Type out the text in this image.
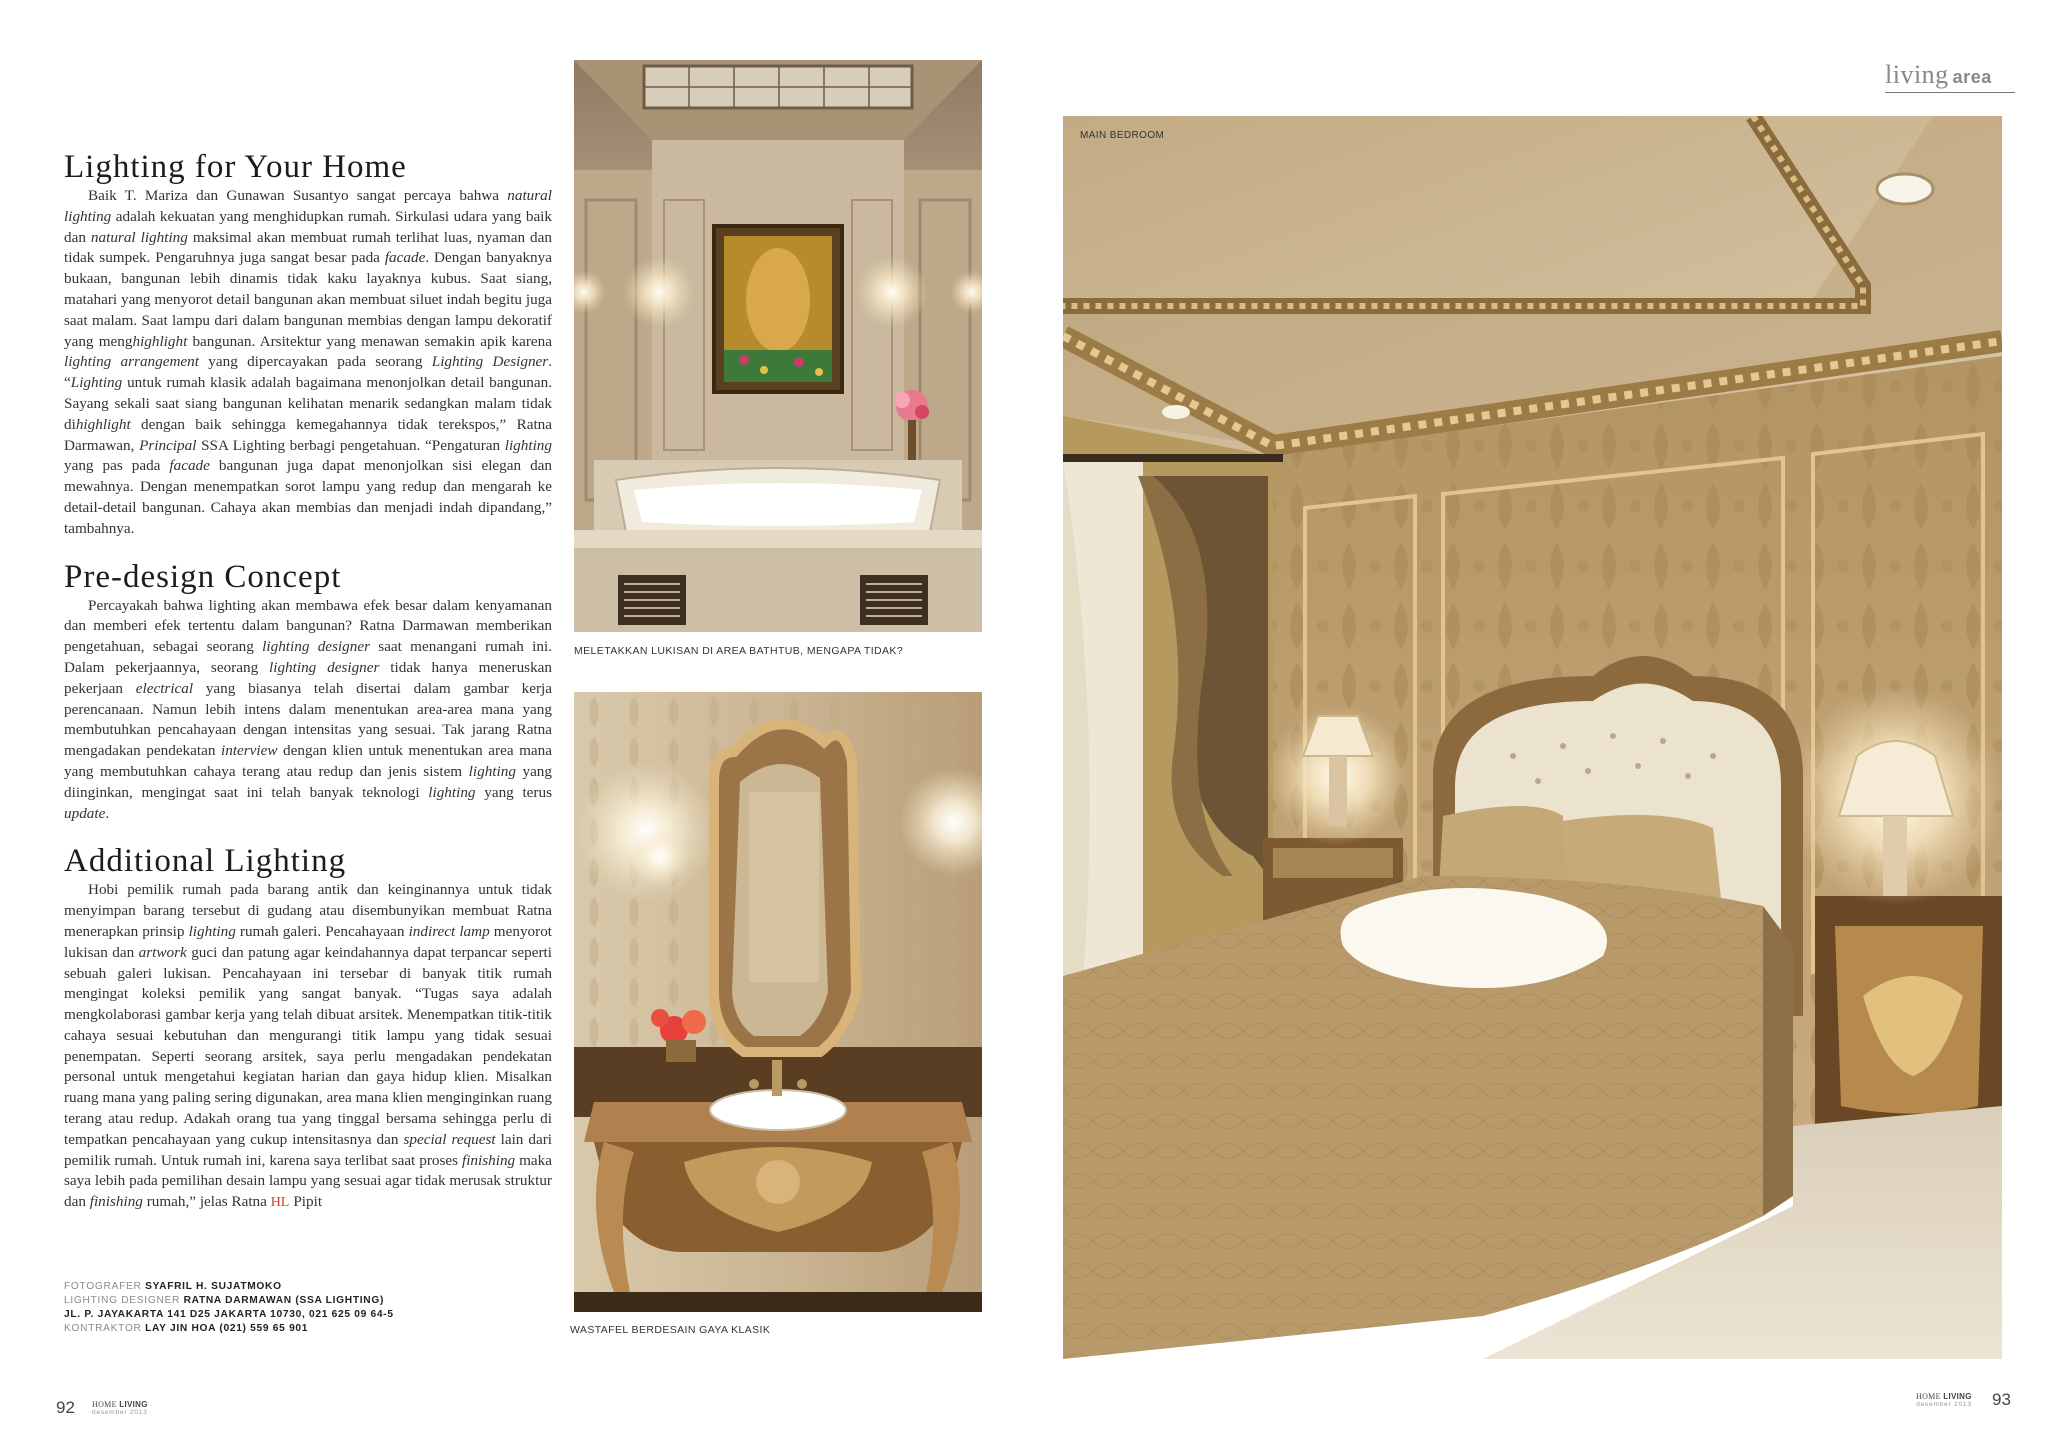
living area
Lighting for Your Home

Baik T. Mariza dan Gunawan Susantyo sangat percaya bahwa natural lighting adalah kekuatan yang menghidupkan rumah. Sirkulasi udara yang baik dan natural lighting maksimal akan membuat rumah terlihat luas, nyaman dan tidak sumpek. Pengaruhnya juga sangat besar pada facade. Dengan banyaknya bukaan, bangunan lebih dinamis tidak kaku layaknya kubus. Saat siang, matahari yang menyorot detail bangunan akan membuat siluet indah begitu juga saat malam. Saat lampu dari dalam bangunan membias dengan lampu dekoratif yang menghighlight bangunan. Arsitektur yang menawan semakin apik karena lighting arrangement yang dipercayakan pada seorang Lighting Designer. “Lighting untuk rumah klasik adalah bagaimana menonjolkan detail bangunan. Sayang sekali saat siang bangunan kelihatan menarik sedangkan malam tidak dihighlight dengan baik sehingga kemegahannya tidak terekspos,” Ratna Darmawan, Principal SSA Lighting berbagi pengetahuan. “Pengaturan lighting yang pas pada facade bangunan juga dapat menonjolkan sisi elegan dan mewahnya. Dengan menempatkan sorot lampu yang redup dan mengarah ke detail-detail bangunan. Cahaya akan membias dan menjadi indah dipandang,” tambahnya.

Pre-design Concept

Percayakah bahwa lighting akan membawa efek besar dalam kenyamanan dan memberi efek tertentu dalam bangunan? Ratna Darmawan memberikan pengetahuan, sebagai seorang lighting designer saat menangani rumah ini. Dalam pekerjaannya, seorang lighting designer tidak hanya meneruskan pekerjaan electrical yang biasanya telah disertai dalam gambar kerja perencanaan. Namun lebih intens dalam menentukan area-area mana yang membutuhkan pencahayaan dengan intensitas yang sesuai. Tak jarang Ratna mengadakan pendekatan interview dengan klien untuk menentukan area mana yang membutuhkan cahaya terang atau redup dan jenis sistem lighting yang diinginkan, mengingat saat ini telah banyak teknologi lighting yang terus update.

Additional Lighting

Hobi pemilik rumah pada barang antik dan keinginannya untuk tidak menyimpan barang tersebut di gudang atau disembunyikan membuat Ratna menerapkan prinsip lighting rumah galeri. Pencahayaan indirect lamp menyorot lukisan dan artwork guci dan patung agar keindahannya dapat terpancar seperti sebuah galeri lukisan. Pencahayaan ini tersebar di banyak titik rumah mengingat koleksi pemilik yang sangat banyak. “Tugas saya adalah mengkolaborasi gambar kerja yang telah dibuat arsitek. Menempatkan titik-titik cahaya sesuai kebutuhan dan mengurangi titik lampu yang tidak sesuai penempatan. Seperti seorang arsitek, saya perlu mengadakan pendekatan personal untuk mengetahui kegiatan harian dan gaya hidup klien. Misalkan ruang mana yang paling sering digunakan, area mana klien menginginkan ruang terang atau redup. Adakah orang tua yang tinggal bersama sehingga perlu di tempatkan pencahayaan yang cukup intensitasnya dan special request lain dari pemilik rumah. Untuk rumah ini, karena saya terlibat saat proses finishing maka saya lebih pada pemilihan desain lampu yang sesuai agar tidak merusak struktur dan finishing rumah,” jelas Ratna HL Pipit

FOTOGRAFER SYAFRIL H. SUJATMOKO
LIGHTING DESIGNER RATNA DARMAWAN (SSA LIGHTING)
JL. P. JAYAKARTA 141 D25 JAKARTA 10730, 021 625 09 64-5
KONTRAKTOR LAY JIN HOA (021) 559 65 901
MELETAKKAN LUKISAN DI AREA BATHTUB, MENGAPA TIDAK?
WASTAFEL BERDESAIN GAYA KLASIK
MAIN BEDROOM
92 HOME LIVING
desember 2013
HOME LIVING
desember 2013 93
